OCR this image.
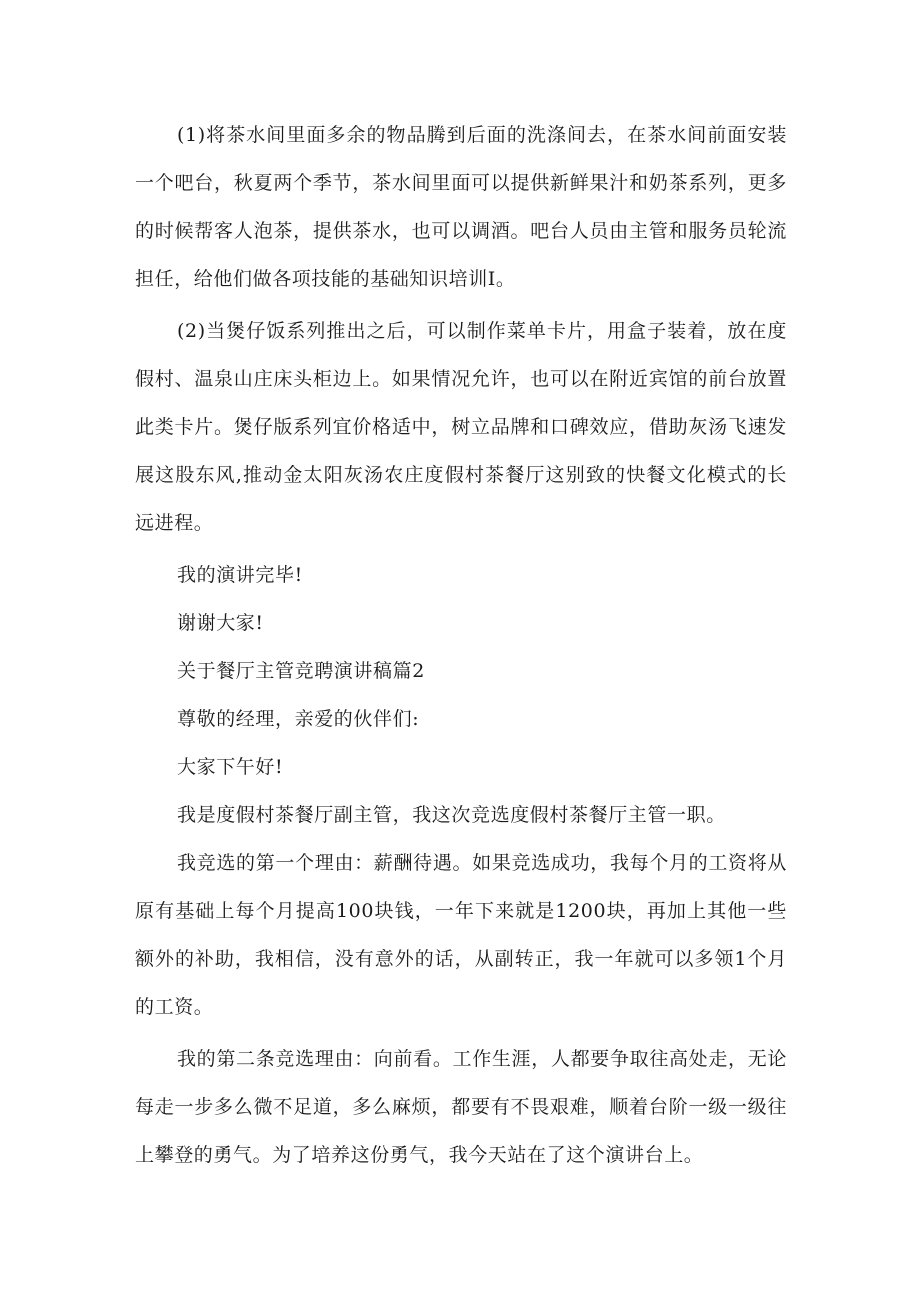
(1)将茶水间里面多余的物品腾到后面的洗涤间去，在茶水间前面安装一个吧台，秋夏两个季节，茶水间里面可以提供新鲜果汁和奶茶系列，更多的时候帮客人泡茶，提供茶水，也可以调酒。吧台人员由主管和服务员轮流担任，给他们做各项技能的基础知识培训Ⅰ。

(2)当煲仔饭系列推出之后，可以制作菜单卡片，用盒子装着，放在度假村、温泉山庄床头柜边上。如果情况允许，也可以在附近宾馆的前台放置此类卡片。煲仔版系列宜价格适中，树立品牌和口碑效应，借助灰汤飞速发展这股东风,推动金太阳灰汤农庄度假村茶餐厅这别致的快餐文化模式的长远进程。

我的演讲完毕!

谢谢大家!

关于餐厅主管竞聘演讲稿篇2

尊敬的经理，亲爱的伙伴们:

大家下午好!

我是度假村茶餐厅副主管，我这次竞选度假村茶餐厅主管一职。

我竞选的第一个理由：薪酬待遇。如果竞选成功，我每个月的工资将从原有基础上每个月提高100块钱，一年下来就是1200块，再加上其他一些额外的补助，我相信，没有意外的话，从副转正，我一年就可以多领1个月的工资。

我的第二条竞选理由：向前看。工作生涯，人都要争取往高处走，无论每走一步多么微不足道，多么麻烦，都要有不畏艰难，顺着台阶一级一级往上攀登的勇气。为了培养这份勇气，我今天站在了这个演讲台上。
